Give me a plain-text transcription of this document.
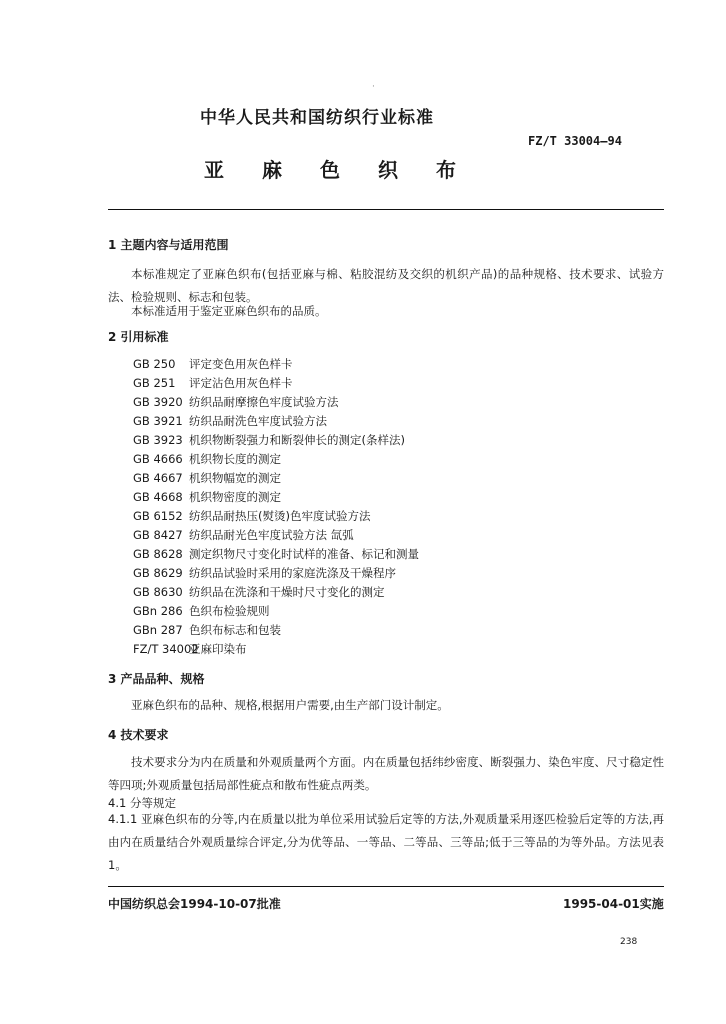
·
中华人民共和国纺织行业标准
FZ/T 33004—94
亚麻色织布
1 主题内容与适用范围
本标准规定了亚麻色织布(包括亚麻与棉、粘胶混纺及交织的机织产品)的品种规格、技术要求、试验方法、检验规则、标志和包装。
本标准适用于鉴定亚麻色织布的品质。
2 引用标准
GB 250 评定变色用灰色样卡
GB 251 评定沾色用灰色样卡
GB 3920 纺织品耐摩擦色牢度试验方法
GB 3921 纺织品耐洗色牢度试验方法
GB 3923 机织物断裂强力和断裂伸长的测定(条样法)
GB 4666 机织物长度的测定
GB 4667 机织物幅宽的测定
GB 4668 机织物密度的测定
GB 6152 纺织品耐热压(熨烫)色牢度试验方法
GB 8427 纺织品耐光色牢度试验方法 氙弧
GB 8628 测定织物尺寸变化时试样的准备、标记和测量
GB 8629 纺织品试验时采用的家庭洗涤及干燥程序
GB 8630 纺织品在洗涤和干燥时尺寸变化的测定
GBn 286 色织布检验规则
GBn 287 色织布标志和包装
FZ/T 34002亚麻印染布
3 产品品种、规格
亚麻色织布的品种、规格,根据用户需要,由生产部门设计制定。
4 技术要求
技术要求分为内在质量和外观质量两个方面。内在质量包括纬纱密度、断裂强力、染色牢度、尺寸稳定性等四项;外观质量包括局部性疵点和散布性疵点两类。
4.1 分等规定
4.1.1 亚麻色织布的分等,内在质量以批为单位采用试验后定等的方法,外观质量采用逐匹检验后定等的方法,再由内在质量结合外观质量综合评定,分为优等品、一等品、二等品、三等品;低于三等品的为等外品。方法见表1。
中国纺织总会1994-10-07批准	1995-04-01实施
238
